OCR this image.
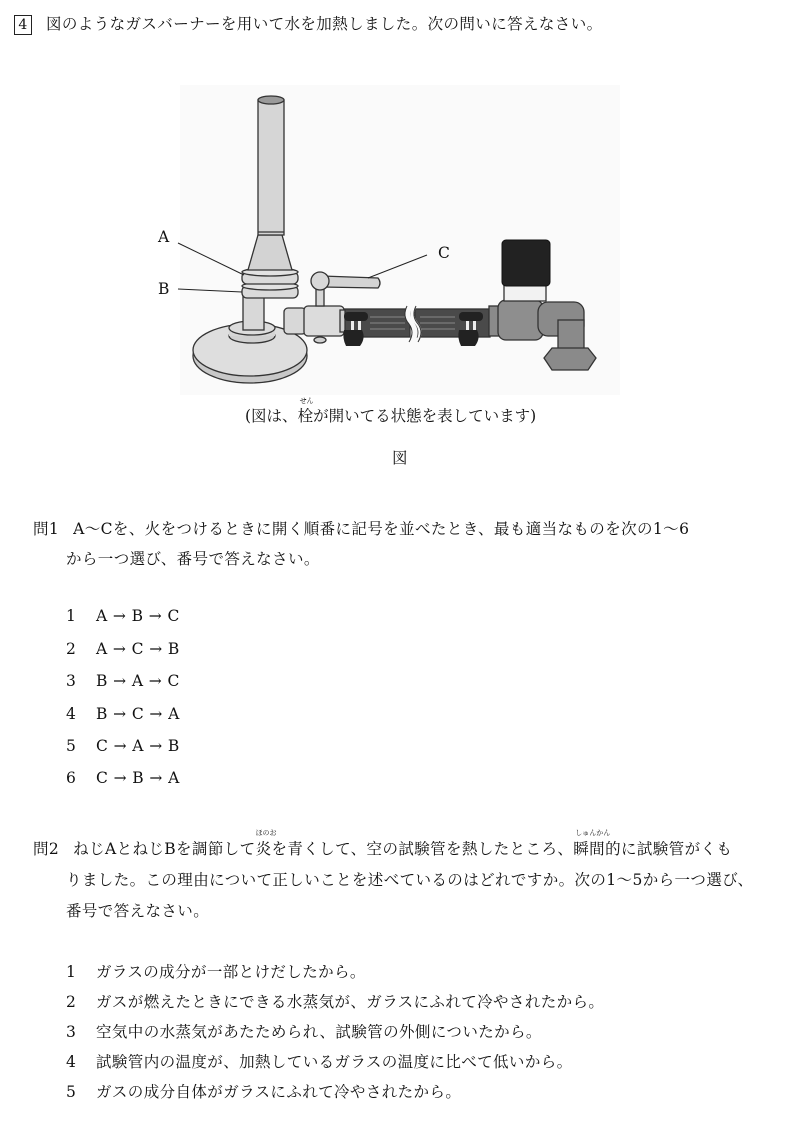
4 図のようなガスバーナーを用いて水を加熱しました。次の問いに答えなさい。
A
B
C
(図は、
せん
栓が開いてる状態を表しています)
図
問1 A～Cを、火をつけるときに開く順番に記号を並べたとき、最も適当なものを次の1～6
から一つ選び、番号で答えなさい。
1 A → B → C
2 A → C → B
3 B → A → C
4 B → C → A
5 C → A → B
6 C → B → A
問2 ねじAとねじBを調節して
ほのお
炎を青くして、空の試験管を熱したところ、
しゅんかん
瞬間的に試験管がくも
りました。この理由について正しいことを述べているのはどれですか。次の1～5から一つ選び、
番号で答えなさい。
1 ガラスの成分が一部とけだしたから。
2 ガスが燃えたときにできる水蒸気が、ガラスにふれて冷やされたから。
3 空気中の水蒸気があたためられ、試験管の外側についたから。
4 試験管内の温度が、加熱しているガラスの温度に比べて低いから。
5 ガスの成分自体がガラスにふれて冷やされたから。
